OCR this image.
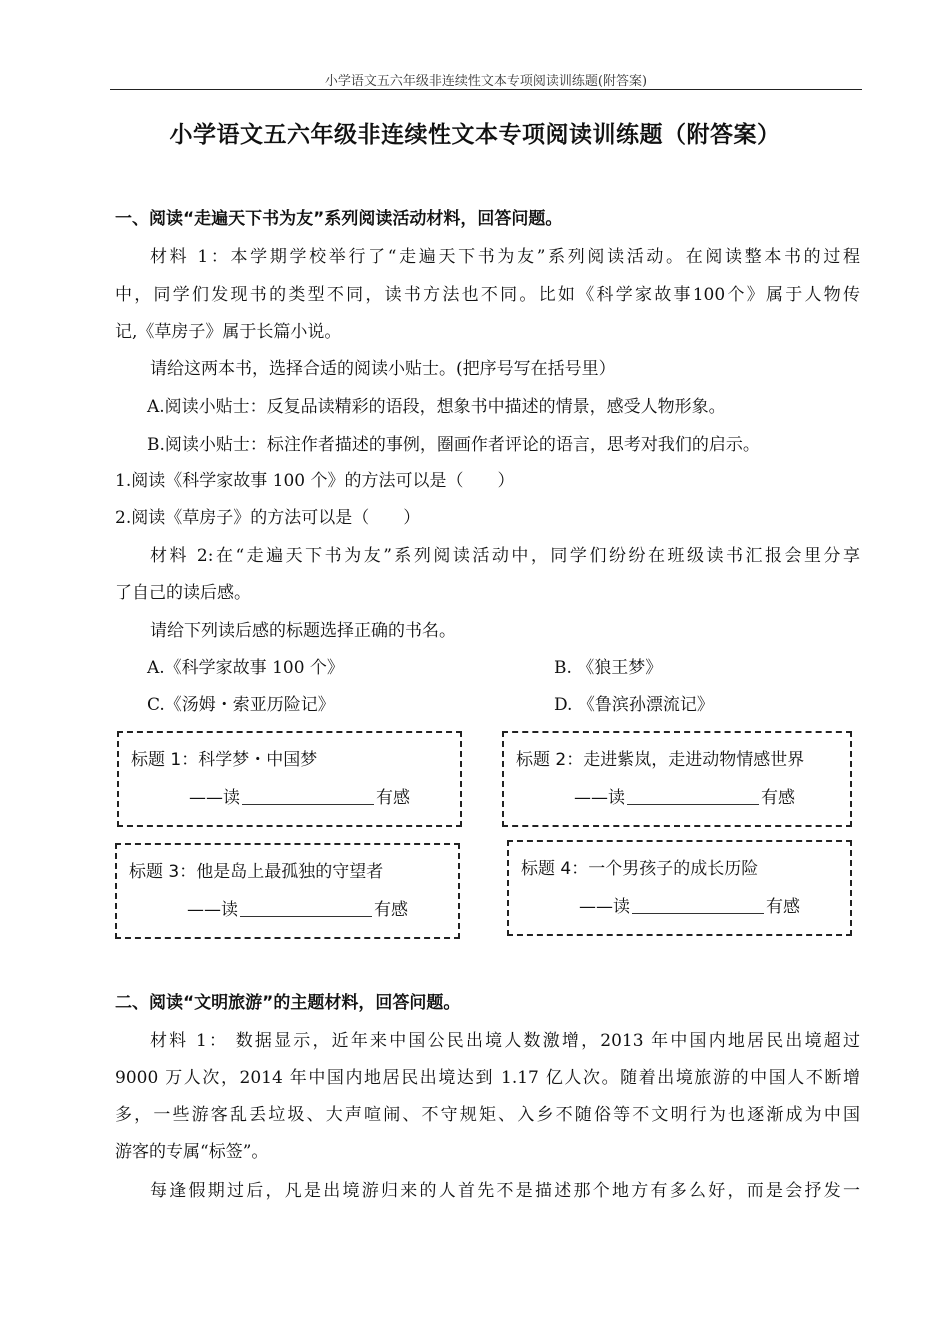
小学语文五六年级非连续性文本专项阅读训练题(附答案)
小学语文五六年级非连续性文本专项阅读训练题（附答案）
一、阅读“走遍天下书为友”系列阅读活动材料，回答问题。
材料 1：本学期学校举行了“走遍天下书为友”系列阅读活动。在阅读整本书的过程
中，同学们发现书的类型不同，读书方法也不同。比如《科学家故事100个》属于人物传
记,《草房子》属于长篇小说。
请给这两本书，选择合适的阅读小贴士。(把序号写在括号里）
A.阅读小贴士：反复品读精彩的语段，想象书中描述的情景，感受人物形象。
B.阅读小贴士：标注作者描述的事例，圈画作者评论的语言，思考对我们的启示。
1.阅读《科学家故事 100 个》的方法可以是（　　）
2.阅读《草房子》的方法可以是（　　）
材料 2:在“走遍天下书为友”系列阅读活动中，同学们纷纷在班级读书汇报会里分享
了自己的读后感。
请给下列读后感的标题选择正确的书名。
A.《科学家故事 100 个》	B. 《狼王梦》
C.《汤姆・索亚历险记》	D. 《鲁滨孙漂流记》
标题 1：科学梦・中国梦
——读	有感
标题 2：走进紫岚，走进动物情感世界
——读	有感
标题 3：他是岛上最孤独的守望者
——读	有感
标题 4：一个男孩子的成长历险
——读	有感
二、阅读“文明旅游”的主题材料，回答问题。
材料 1： 数据显示，近年来中国公民出境人数激增，2013 年中国内地居民出境超过
9000 万人次，2014 年中国内地居民出境达到 1.17 亿人次。随着出境旅游的中国人不断增
多，一些游客乱丢垃圾、大声喧闹、不守规矩、入乡不随俗等不文明行为也逐渐成为中国
游客的专属“标签”。
每逢假期过后，凡是出境游归来的人首先不是描述那个地方有多么好，而是会抒发一
